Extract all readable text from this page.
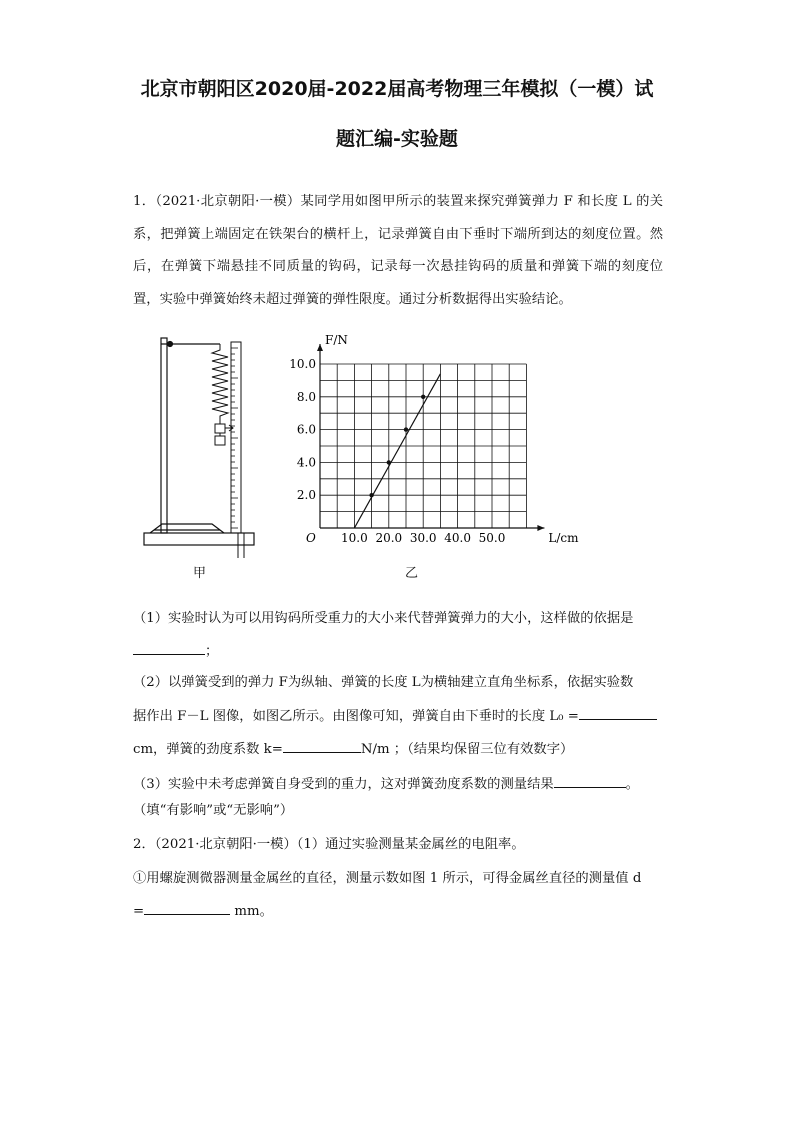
北京市朝阳区2020届-2022届高考物理三年模拟（一模）试
题汇编-实验题
1．（2021·北京朝阳·一模）某同学用如图甲所示的装置来探究弹簧弹力 F 和长度 L 的关系，把弹簧上端固定在铁架台的横杆上，记录弹簧自由下垂时下端所到达的刻度位置。然后，在弹簧下端悬挂不同质量的钩码，记录每一次悬挂钩码的质量和弹簧下端的刻度位置，实验中弹簧始终未超过弹簧的弹性限度。通过分析数据得出实验结论。
甲
10.0 20.0 30.0 40.0 50.0
2.0
4.0
6.0
8.0
10.0
F/N
L/cm
O
乙
（1）实验时认为可以用钩码所受重力的大小来代替弹簧弹力的大小，这样做的依据是
；
（2）以弹簧受到的弹力 F为纵轴、弹簧的长度 L为横轴建立直角坐标系，依据实验数
据作出 F－L 图像，如图乙所示。由图像可知，弹簧自由下垂时的长度 L₀ =
cm，弹簧的劲度系数 k=	N/m ；（结果均保留三位有效数字）
（3）实验中未考虑弹簧自身受到的重力，这对弹簧劲度系数的测量结果	。
（填“有影响”或“无影响”）
2．（2021·北京朝阳·一模）（1）通过实验测量某金属丝的电阻率。
①用螺旋测微器测量金属丝的直径，测量示数如图 1 所示，可得金属丝直径的测量值 d
=	mm。
